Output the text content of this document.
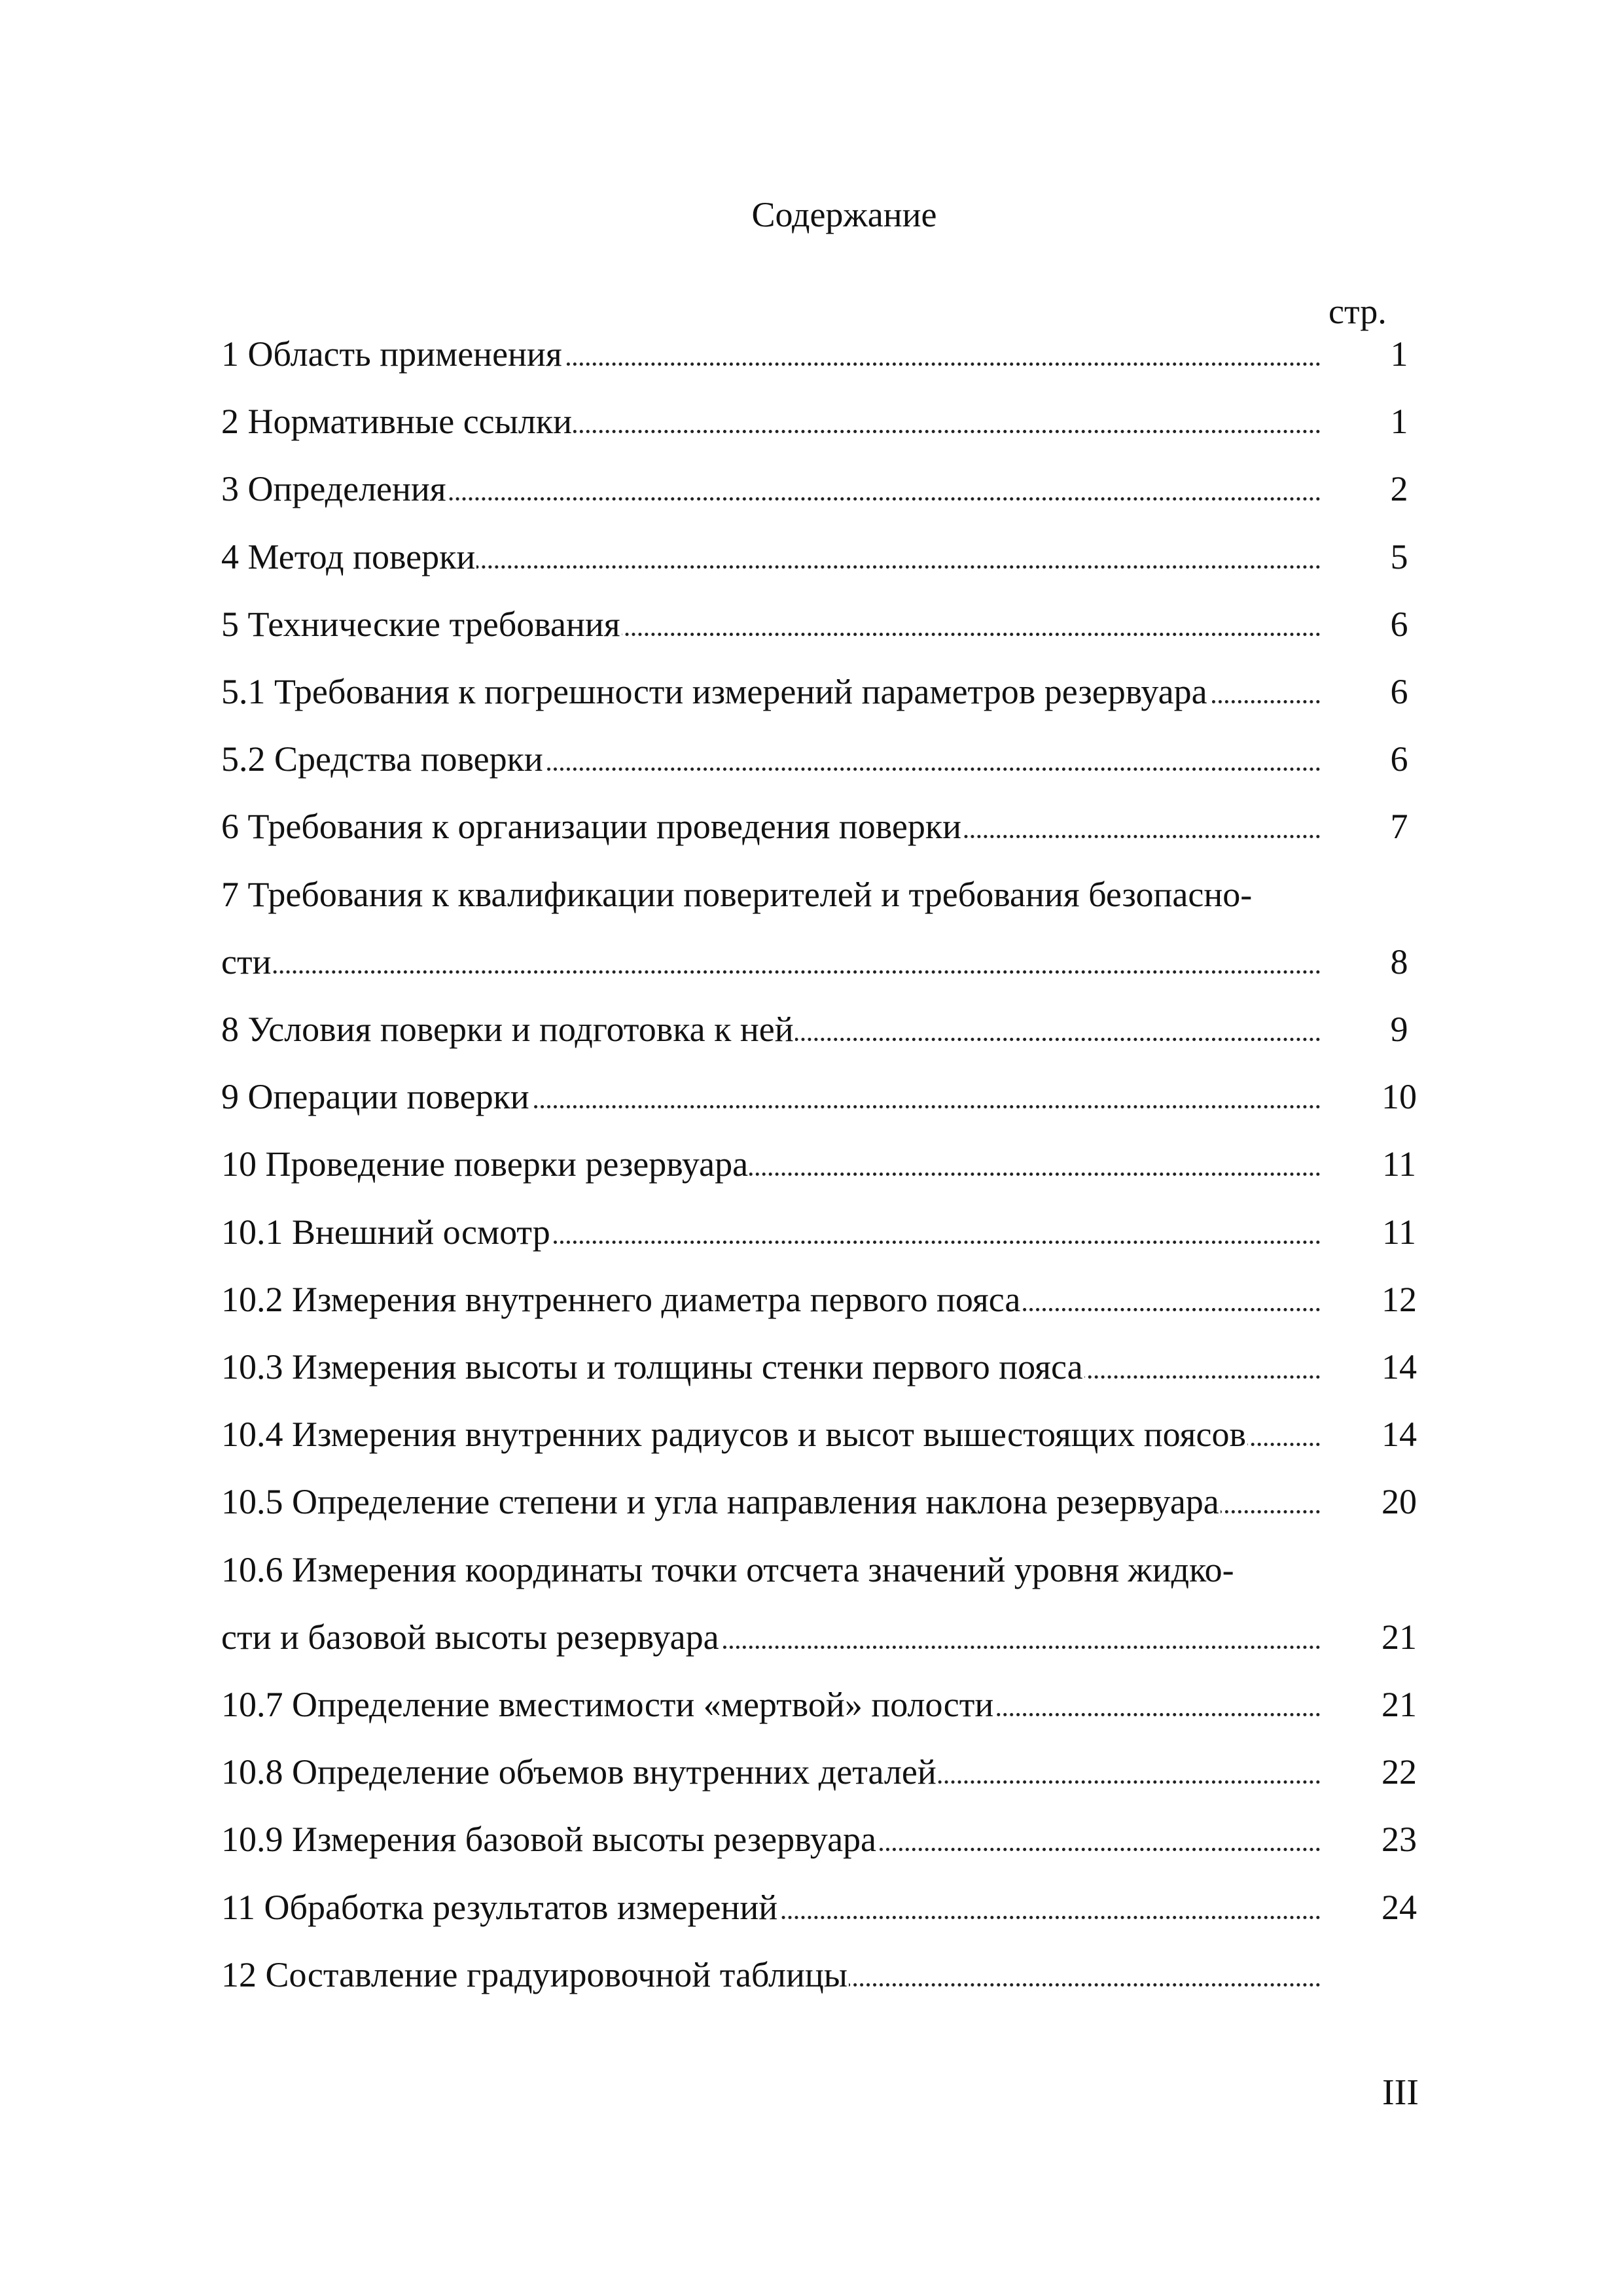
Содержание
стр.
1 Область применения	1
2 Нормативные ссылки	1
3 Определения	2
4 Метод поверки	5
5 Технические требования	6
5.1 Требования к погрешности измерений параметров резервуара	6
5.2 Средства поверки	6
6 Требования к организации проведения поверки	7
7 Требования к квалификации поверителей и требования безопасно-
сти	8
8 Условия поверки и подготовка к ней	9
9 Операции поверки	10
10 Проведение поверки резервуара	11
10.1 Внешний осмотр	11
10.2 Измерения внутреннего диаметра первого пояса	12
10.3 Измерения высоты и толщины стенки первого пояса	14
10.4 Измерения внутренних радиусов и высот вышестоящих поясов	14
10.5 Определение степени и угла направления наклона резервуара	20
10.6 Измерения координаты точки отсчета значений уровня жидко-
сти и базовой высоты резервуара	21
10.7 Определение вместимости «мертвой» полости	21
10.8 Определение объемов внутренних деталей	22
10.9 Измерения базовой высоты резервуара	23
11 Обработка результатов измерений	24
12 Составление градуировочной таблицы
III
